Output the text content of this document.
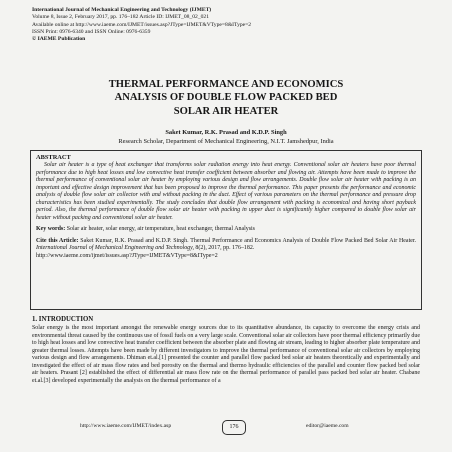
International Journal of Mechanical Engineering and Technology (IJMET)
Volume 8, Issue 2, February 2017, pp. 176–182 Article ID: IJMET_08_02_021
Available online at http://www.iaeme.com/IJMET/issues.asp?JType=IJMET&VType=8&IType=2
ISSN Print: 0976-6340 and ISSN Online: 0976-6359
© IAEME Publication
THERMAL PERFORMANCE AND ECONOMICS
ANALYSIS OF DOUBLE FLOW PACKED BED
SOLAR AIR HEATER
Saket Kumar, R.K. Prasad and K.D.P. Singh
Research Scholar, Department of Mechanical Engineering, N.I.T. Jamshedpur, India
ABSTRACT
Solar air heater is a type of heat exchanger that transforms solar radiation energy into heat energy. Conventional solar air heaters have poor thermal performance due to high heat losses and low convective heat transfer coefficient between absorber and flowing air. Attempts have been made to improve the thermal performance of conventional solar air heater by employing various design and flow arrangements. Double flow solar air heater with packing is an important and effective design improvement that has been proposed to improve the thermal performance. This paper presents the performance and economic analysis of double flow solar air collector with and without packing in the duct. Effect of various parameters on the thermal performance and pressure drop characteristics has been studied experimentally. The study concludes that double flow arrangement with packing is economical and having short payback period. Also, the thermal performance of double flow solar air heater with packing in upper duct is significantly higher compared to double flow solar air heater without packing and conventional solar air heater.
Key words: Solar air heater, solar energy, air temperature, heat exchanger, thermal Analysis
Cite this Article: Saket Kumar, R.K. Prasad and K.D.P. Singh. Thermal Performance and Economics Analysis of Double Flow Packed Bed Solar Air Heater. International Journal of Mechanical Engineering and Technology, 8(2), 2017, pp. 176–182.
http://www.iaeme.com/ijmet/issues.asp?JType=IJMET&VType=8&IType=2
1. INTRODUCTION
Solar energy is the most important amongst the renewable energy sources due to its quantitative abundance, its capacity to overcome the energy crisis and environmental threat caused by the continuous use of fossil fuels on a very large scale. Conventional solar air collectors have poor thermal efficiency primarily due to high heat losses and low convective heat transfer coefficient between the absorber plate and flowing air stream, leading to higher absorber plate temperature and greater thermal losses. Attempts have been made by different investigators to improve the thermal performance of conventional solar air collectors by employing various design and flow arrangements. Dhiman et.al.[1] presented the counter and parallel flow packed bed solar air heaters theoretically and experimentally and investigated the effect of air mass flow rates and bed porosity on the thermal and thermo hydraulic efficiencies of the parallel and counter flow packed bed solar air heaters. Prasant [2] established the effect of differential air mass flow rate on the thermal performance of parallel pass packed bed solar air heater. Chabane et.al.[3] developed experimentally the analysis on the thermal performance of a
http://www.iaeme.com/IJMET/index.asp	176	editor@iaeme.com
